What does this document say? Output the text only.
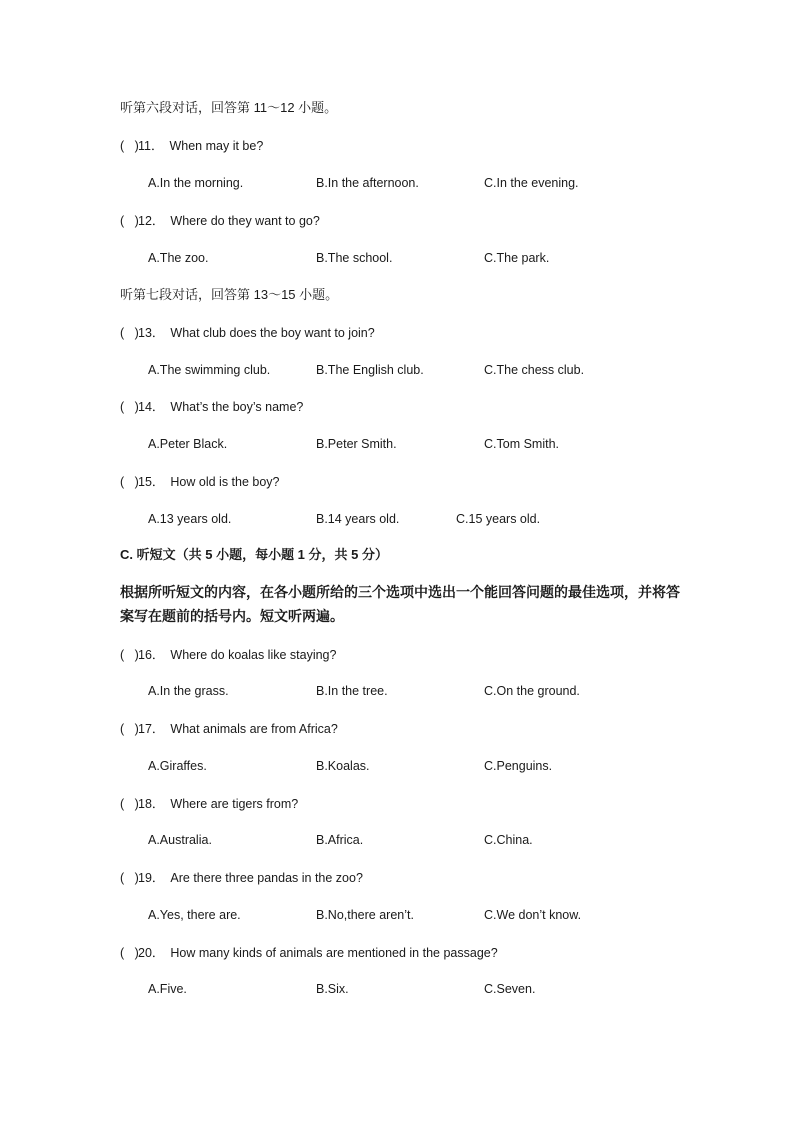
听第六段对话，回答第 11～12 小题。
(   ) 11． When may it be?
A.In the morning.	B.In the afternoon.	C.In the evening.
(   ) 12． Where do they want to go?
A.The zoo.	B.The school.	C.The park.
听第七段对话，回答第 13～15 小题。
(   ) 13． What club does the boy want to join?
A.The swimming club.	B.The English club.	C.The chess club.
(   ) 14． What’s the boy’s name?
A.Peter Black.	B.Peter Smith.	C.Tom Smith.
(   ) 15． How old is the boy?
A.13 years old.	B.14 years old.	C.15 years old.
C. 听短文（共 5 小题，每小题 1 分，共 5 分）
根据所听短文的内容，在各小题所给的三个选项中选出一个能回答问题的最佳选项，并将答案写在题前的括号内。短文听两遍。
(   ) 16． Where do koalas like staying?
A.In the grass.	B.In the tree.	C.On the ground.
(   ) 17． What animals are from Africa?
A.Giraffes.	B.Koalas.	C.Penguins.
(   ) 18． Where are tigers from?
A.Australia.	B.Africa.	C.China.
(   ) 19． Are there three pandas in the zoo?
A.Yes, there are.	B.No,there aren’t.	C.We don’t know.
(   ) 20． How many kinds of animals are mentioned in the passage?
A.Five.	B.Six.	C.Seven.
